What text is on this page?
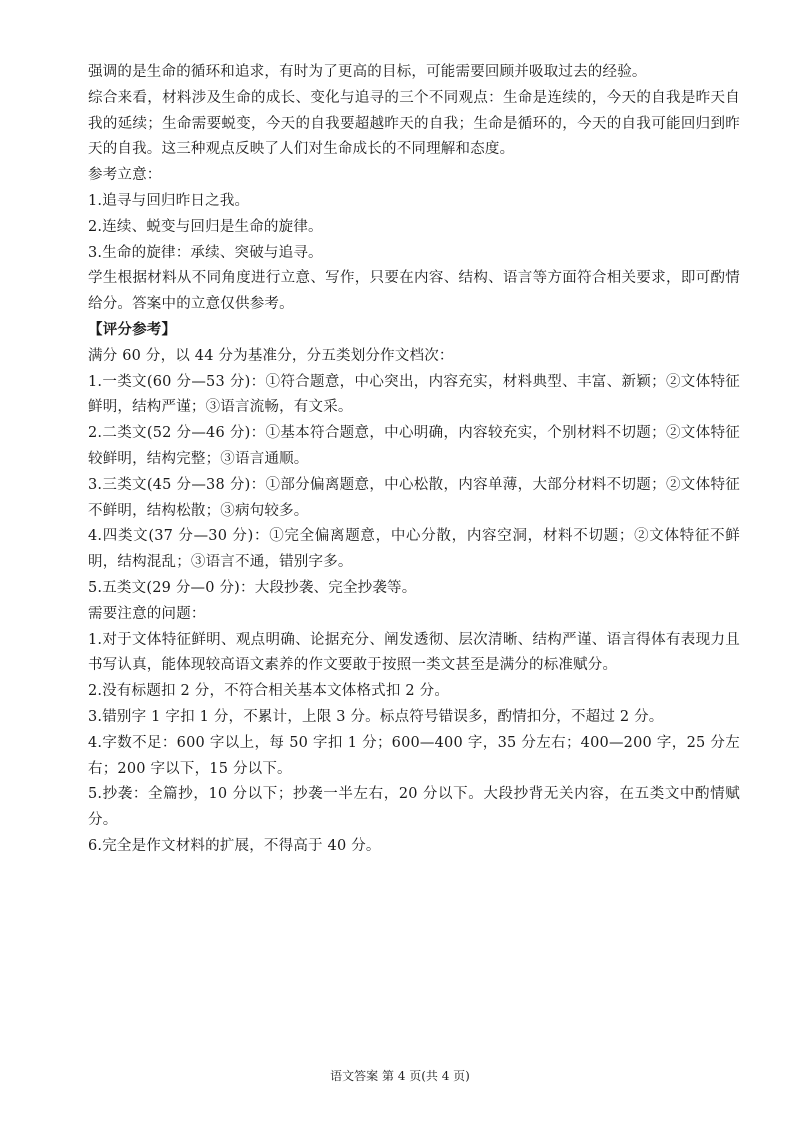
强调的是生命的循环和追求，有时为了更高的目标，可能需要回顾并吸取过去的经验。

综合来看，材料涉及生命的成长、变化与追寻的三个不同观点：生命是连续的，今天的自我是昨天自我的延续；生命需要蜕变，今天的自我要超越昨天的自我；生命是循环的，今天的自我可能回归到昨天的自我。这三种观点反映了人们对生命成长的不同理解和态度。

参考立意：

1.追寻与回归昨日之我。

2.连续、蜕变与回归是生命的旋律。

3.生命的旋律：承续、突破与追寻。

学生根据材料从不同角度进行立意、写作，只要在内容、结构、语言等方面符合相关要求，即可酌情给分。答案中的立意仅供参考。

【评分参考】

满分 60 分，以 44 分为基准分，分五类划分作文档次：

1.一类文(60 分—53 分)：①符合题意，中心突出，内容充实，材料典型、丰富、新颖；②文体特征鲜明，结构严谨；③语言流畅，有文采。

2.二类文(52 分—46 分)：①基本符合题意，中心明确，内容较充实，个别材料不切题；②文体特征较鲜明，结构完整；③语言通顺。

3.三类文(45 分—38 分)：①部分偏离题意，中心松散，内容单薄，大部分材料不切题；②文体特征不鲜明，结构松散；③病句较多。

4.四类文(37 分—30 分)：①完全偏离题意，中心分散，内容空洞，材料不切题；②文体特征不鲜明，结构混乱；③语言不通，错别字多。

5.五类文(29 分—0 分)：大段抄袭、完全抄袭等。

需要注意的问题：

1.对于文体特征鲜明、观点明确、论据充分、阐发透彻、层次清晰、结构严谨、语言得体有表现力且书写认真，能体现较高语文素养的作文要敢于按照一类文甚至是满分的标准赋分。

2.没有标题扣 2 分，不符合相关基本文体格式扣 2 分。

3.错别字 1 字扣 1 分，不累计，上限 3 分。标点符号错误多，酌情扣分，不超过 2 分。

4.字数不足：600 字以上，每 50 字扣 1 分；600—400 字，35 分左右；400—200 字，25 分左右；200 字以下，15 分以下。

5.抄袭：全篇抄，10 分以下；抄袭一半左右，20 分以下。大段抄背无关内容，在五类文中酌情赋分。

6.完全是作文材料的扩展，不得高于 40 分。

语文答案 第 4 页(共 4 页)
